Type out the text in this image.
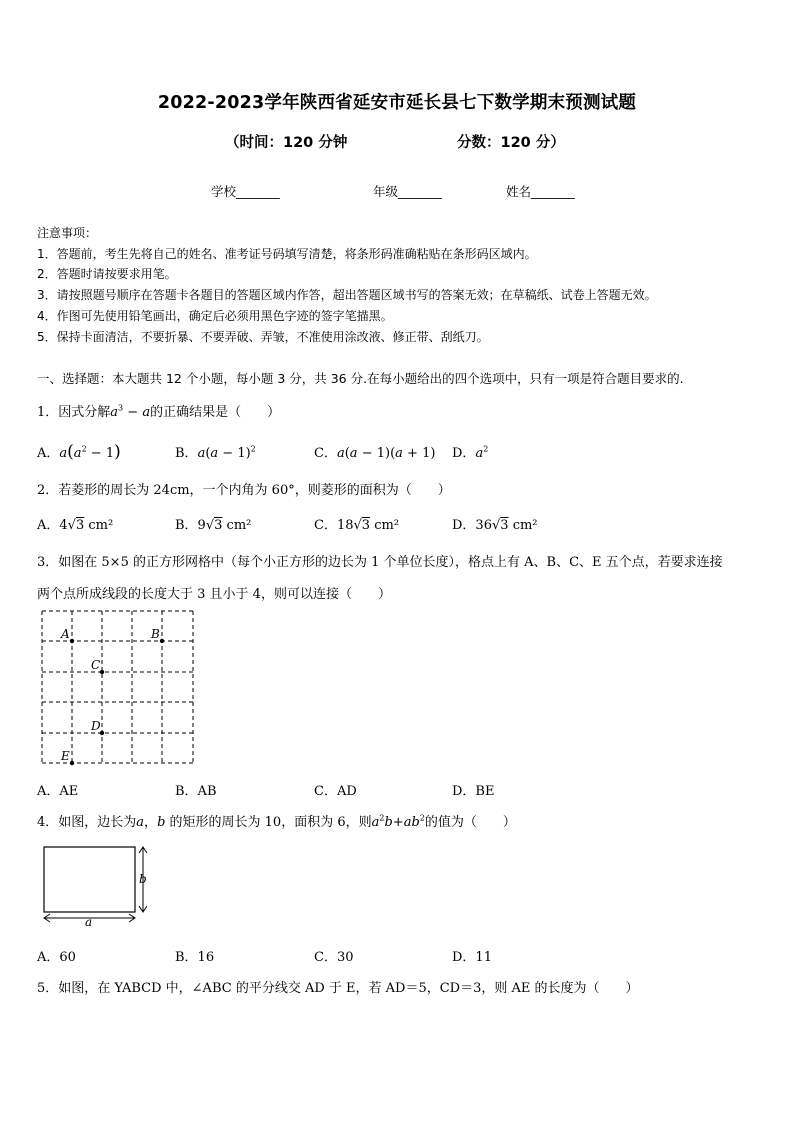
2022-2023学年陕西省延安市延长县七下数学期末预测试题
（时间：120 分钟	分数：120 分）
学校_______	年级_______	姓名_______
注意事项：
1．答题前，考生先将自己的姓名、准考证号码填写清楚，将条形码准确粘贴在条形码区域内。
2．答题时请按要求用笔。
3．请按照题号顺序在答题卡各题目的答题区域内作答，超出答题区域书写的答案无效；在草稿纸、试卷上答题无效。
4．作图可先使用铅笔画出，确定后必须用黑色字迹的签字笔描黑。
5．保持卡面清洁，不要折暴、不要弄破、弄皱，不准使用涂改液、修正带、刮纸刀。
一、选择题：本大题共 12 个小题，每小题 3 分，共 36 分.在每小题给出的四个选项中，只有一项是符合题目要求的.
1．因式分解$a^3 - a$的正确结果是（　　）
A．$a(a^2 - 1)$	B．$a(a - 1)^2$	C．a(a − 1)(a + 1) D．$a^2$
2．若菱形的周长为 24cm，一个内角为 60°，则菱形的面积为（　　）
A．4√3 cm²	B．9√3 cm²	C．18√3 cm²	D．36√3 cm²
3．如图在 5×5 的正方形网格中（每个小正方形的边长为 1 个单位长度），格点上有 A、B、C、E 五个点，若要求连接
两个点所成线段的长度大于 3 且小于 4，则可以连接（　　）
A	B
C
D
E
A．AE	B．AB	C．AD	D．BE
4．如图，边长为a，b 的矩形的周长为 10，面积为 6，则$a^2b+ab^2$的值为（　　）
b
a
A．60	B．16	C．30	D．11
5．如图，在 YABCD 中，∠ABC 的平分线交 AD 于 E，若 AD＝5，CD＝3，则 AE 的长度为（　　）
